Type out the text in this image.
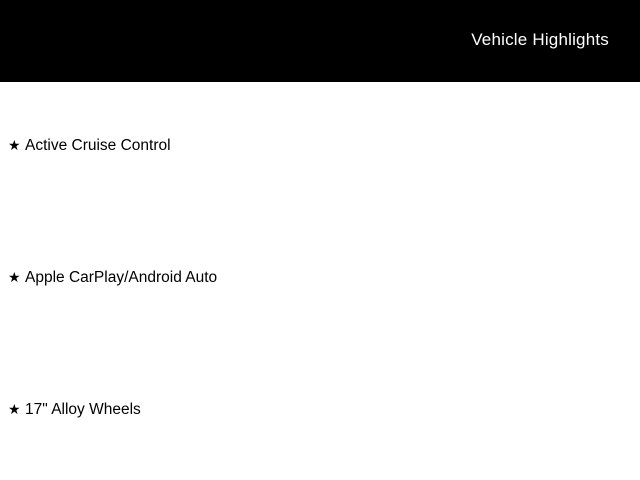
Vehicle Highlights
★ Active Cruise Control
★ Apple CarPlay/Android Auto
★ 17" Alloy Wheels
